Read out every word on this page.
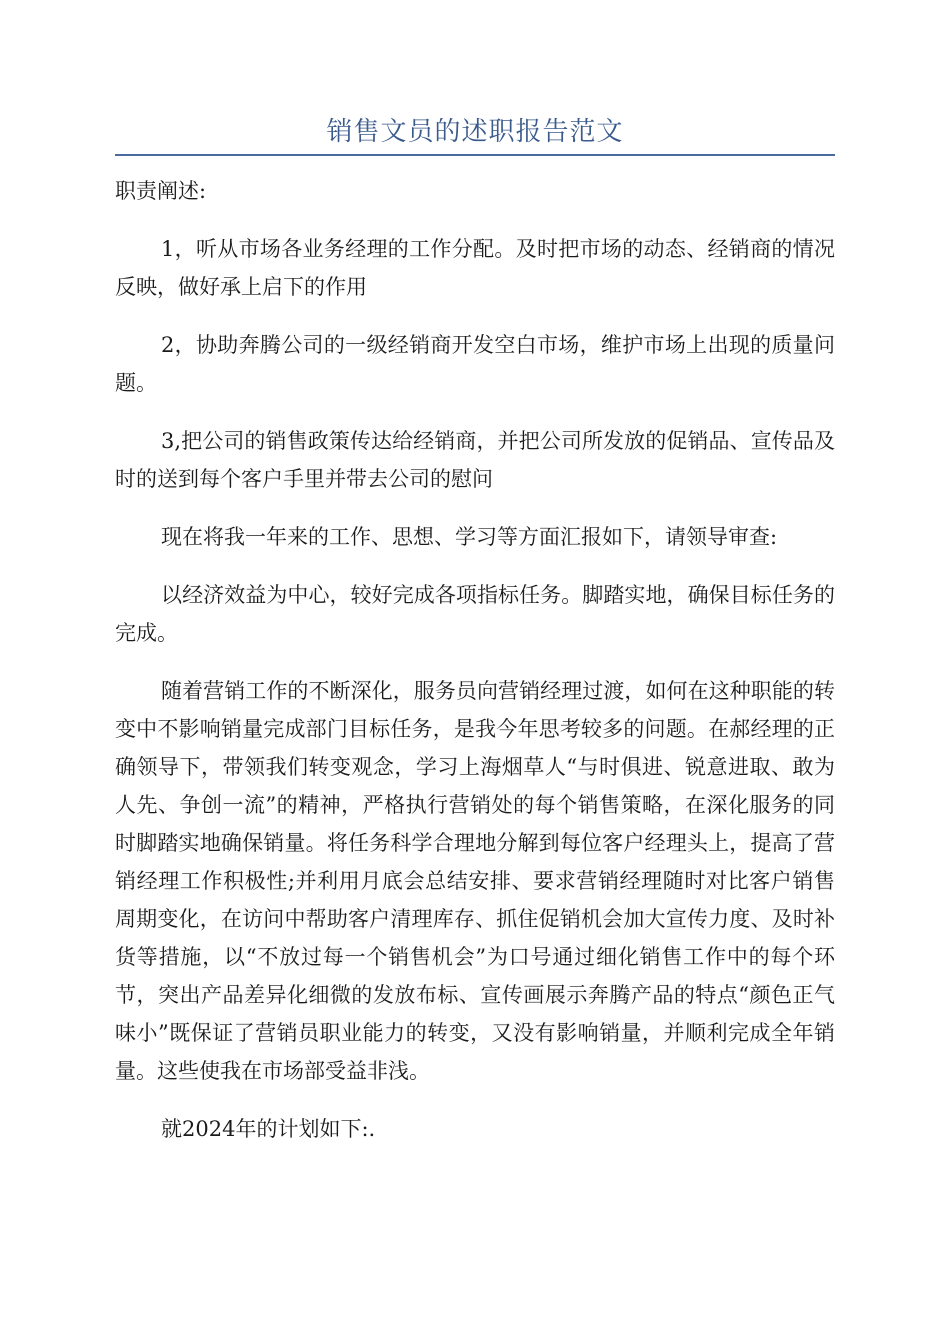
销售文员的述职报告范文

职责阐述:

1，听从市场各业务经理的工作分配。及时把市场的动态、经销商的情况反映，做好承上启下的作用

2，协助奔腾公司的一级经销商开发空白市场，维护市场上出现的质量问题。

3,把公司的销售政策传达给经销商，并把公司所发放的促销品、宣传品及时的送到每个客户手里并带去公司的慰问

现在将我一年来的工作、思想、学习等方面汇报如下，请领导审查:

以经济效益为中心，较好完成各项指标任务。脚踏实地，确保目标任务的完成。

随着营销工作的不断深化，服务员向营销经理过渡，如何在这种职能的转变中不影响销量完成部门目标任务，是我今年思考较多的问题。在郝经理的正确领导下，带领我们转变观念，学习上海烟草人“与时俱进、锐意进取、敢为人先、争创一流”的精神，严格执行营销处的每个销售策略，在深化服务的同时脚踏实地确保销量。将任务科学合理地分解到每位客户经理头上，提高了营销经理工作积极性;并利用月底会总结安排、要求营销经理随时对比客户销售周期变化，在访问中帮助客户清理库存、抓住促销机会加大宣传力度、及时补货等措施，以“不放过每一个销售机会”为口号通过细化销售工作中的每个环节，突出产品差异化细微的发放布标、宣传画展示奔腾产品的特点“颜色正气味小”既保证了营销员职业能力的转变，又没有影响销量，并顺利完成全年销量。这些使我在市场部受益非浅。

就2024年的计划如下:.
